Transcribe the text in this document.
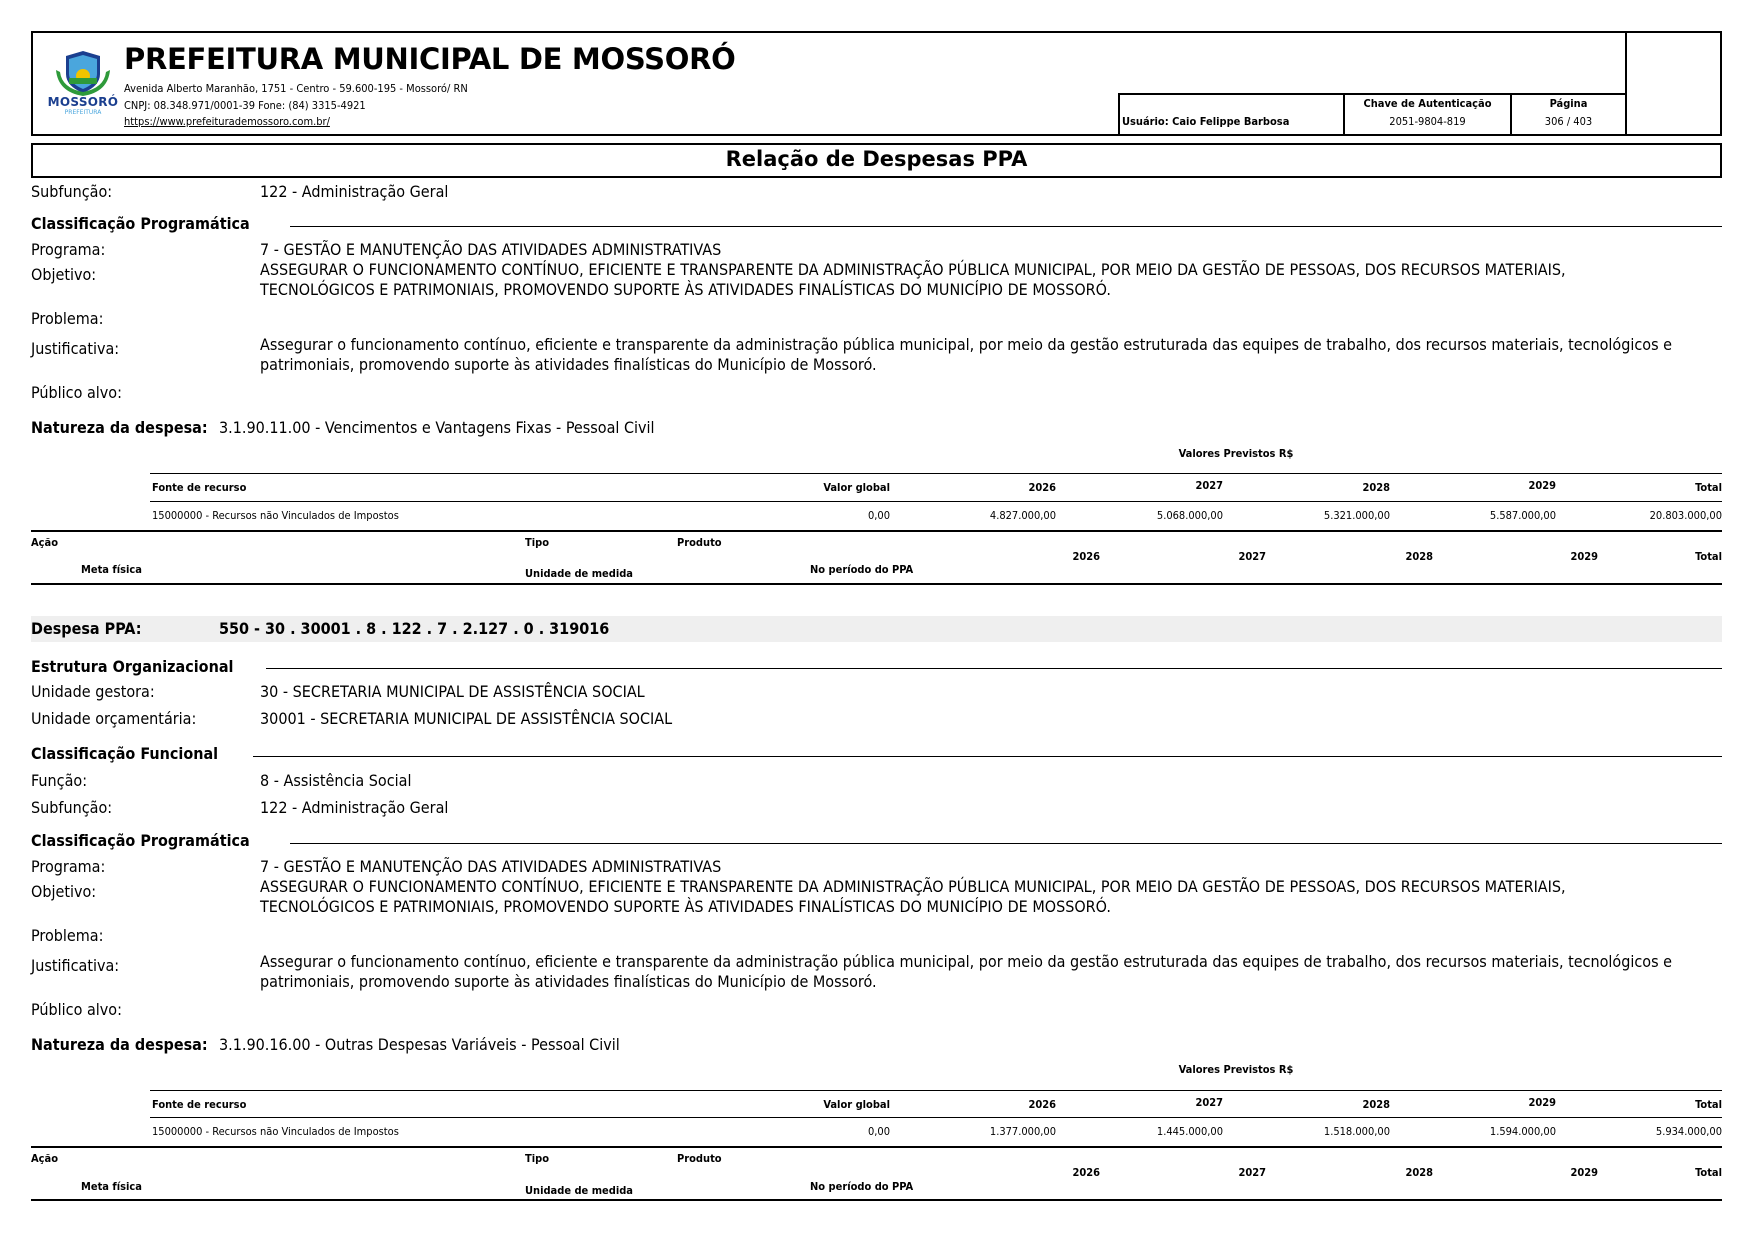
MOSSORÓ
PREFEITURA
PREFEITURA MUNICIPAL DE MOSSORÓ
Avenida Alberto Maranhão, 1751 - Centro - 59.600-195 - Mossoró/ RN
CNPJ: 08.348.971/0001-39 Fone: (84) 3315-4921
https://www.prefeiturademossoro.com.br/	Usuário: Caio Felippe Barbosa
Chave de Autenticação
2051-9804-819
Página
306 / 403
Relação de Despesas PPA
Subfunção:	122 - Administração Geral
Classificação Programática
Programa:	7 - GESTÃO E MANUTENÇÃO DAS ATIVIDADES ADMINISTRATIVAS
Objetivo:	ASSEGURAR O FUNCIONAMENTO CONTÍNUO, EFICIENTE E TRANSPARENTE DA ADMINISTRAÇÃO PÚBLICA MUNICIPAL, POR MEIO DA GESTÃO DE PESSOAS, DOS RECURSOS MATERIAIS,
TECNOLÓGICOS E PATRIMONIAIS, PROMOVENDO SUPORTE ÀS ATIVIDADES FINALÍSTICAS DO MUNICÍPIO DE MOSSORÓ.
Problema:
Justificativa:	Assegurar o funcionamento contínuo, eficiente e transparente da administração pública municipal, por meio da gestão estruturada das equipes de trabalho, dos recursos materiais, tecnológicos e
patrimoniais, promovendo suporte às atividades finalísticas do Município de Mossoró.
Público alvo:
Natureza da despesa: 3.1.90.11.00 - Vencimentos e Vantagens Fixas - Pessoal Civil
Valores Previstos R$
Fonte de recurso	Valor global	2026	2027	2028	2029	Total
15000000 - Recursos não Vinculados de Impostos	0,00	4.827.000,00	5.068.000,00	5.321.000,00	5.587.000,00	20.803.000,00
Ação	Tipo	Produto
Meta física	Unidade de medida	No período do PPA
2026	2027	2028	2029	Total
Despesa PPA:	550 - 30 . 30001 . 8 . 122 . 7 . 2.127 . 0 . 319016
Estrutura Organizacional
Unidade gestora:	30 - SECRETARIA MUNICIPAL DE ASSISTÊNCIA SOCIAL
Unidade orçamentária:	30001 - SECRETARIA MUNICIPAL DE ASSISTÊNCIA SOCIAL
Classificação Funcional
Função:	8 - Assistência Social
Subfunção:	122 - Administração Geral
Classificação Programática
Programa:	7 - GESTÃO E MANUTENÇÃO DAS ATIVIDADES ADMINISTRATIVAS
Objetivo:	ASSEGURAR O FUNCIONAMENTO CONTÍNUO, EFICIENTE E TRANSPARENTE DA ADMINISTRAÇÃO PÚBLICA MUNICIPAL, POR MEIO DA GESTÃO DE PESSOAS, DOS RECURSOS MATERIAIS,
TECNOLÓGICOS E PATRIMONIAIS, PROMOVENDO SUPORTE ÀS ATIVIDADES FINALÍSTICAS DO MUNICÍPIO DE MOSSORÓ.
Problema:
Justificativa:	Assegurar o funcionamento contínuo, eficiente e transparente da administração pública municipal, por meio da gestão estruturada das equipes de trabalho, dos recursos materiais, tecnológicos e
patrimoniais, promovendo suporte às atividades finalísticas do Município de Mossoró.
Público alvo:
Natureza da despesa: 3.1.90.16.00 - Outras Despesas Variáveis - Pessoal Civil
Valores Previstos R$
Fonte de recurso	Valor global	2026	2027	2028	2029	Total
15000000 - Recursos não Vinculados de Impostos	0,00	1.377.000,00	1.445.000,00	1.518.000,00	1.594.000,00	5.934.000,00
Ação	Tipo	Produto
Meta física	Unidade de medida	No período do PPA
2026	2027	2028	2029	Total
